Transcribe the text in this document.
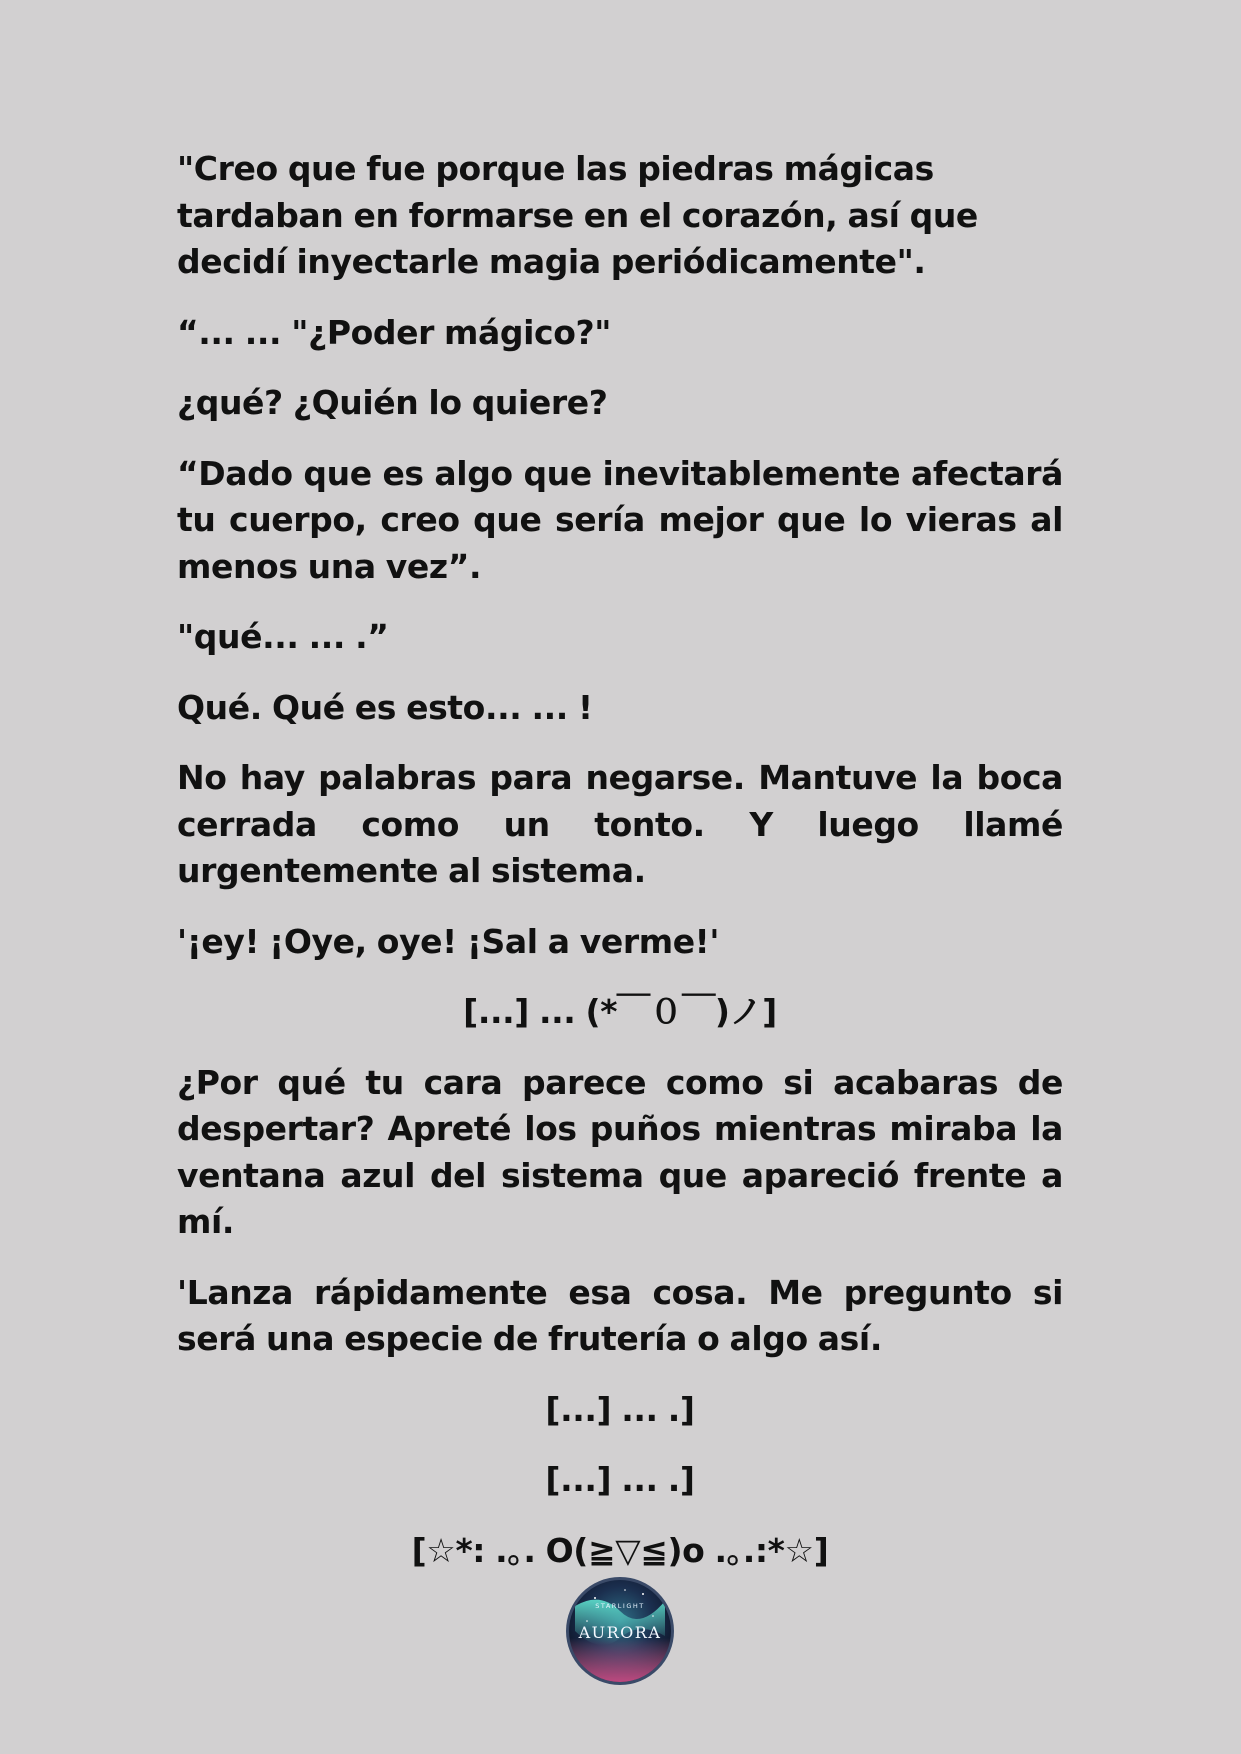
"Creo que fue porque las piedras mágicas tardaban en formarse en el corazón, así que decidí inyectarle magia periódicamente".

“... ... "¿Poder mágico?"

¿qué? ¿Quién lo quiere?

“Dado que es algo que inevitablemente afectará tu cuerpo, creo que sería mejor que lo vieras al menos una vez”.

"qué... ... .”

Qué. Qué es esto... ... !

No hay palabras para negarse. Mantuve la boca cerrada como un tonto. Y luego llamé urgentemente al sistema.

'¡ey! ¡Oye, oye! ¡Sal a verme!'

[...] ... (*￣０￣)ノ]

¿Por qué tu cara parece como si acabaras de despertar? Apreté los puños mientras miraba la ventana azul del sistema que apareció frente a mí.

'Lanza rápidamente esa cosa. Me pregunto si será una especie de frutería o algo así.

[...] ... .]

[...] ... .]

[☆*: .｡. O(≧▽≦)o .｡.:*☆]

STARLIGHT
AURORA
